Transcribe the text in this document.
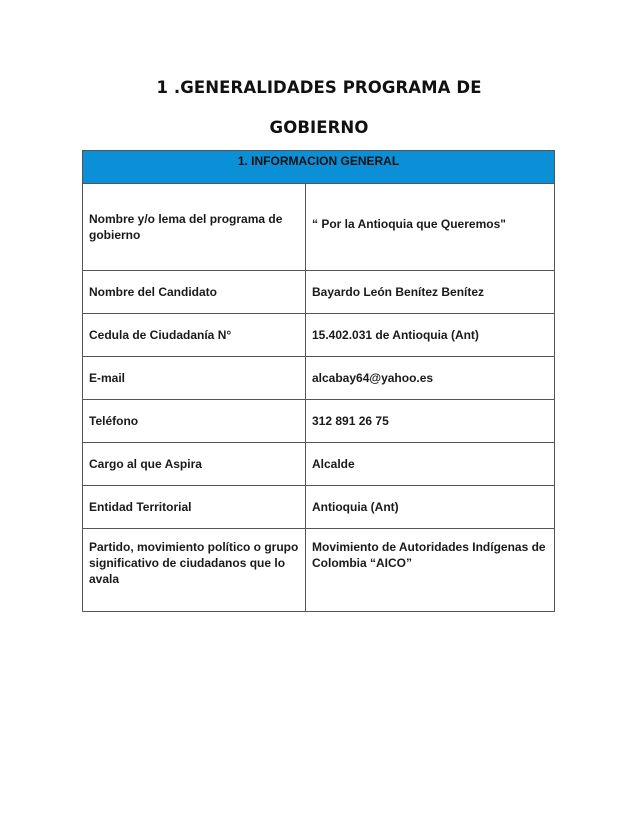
1 .GENERALIDADES PROGRAMA DE
GOBIERNO
1. INFORMACION GENERAL	
Nombre y/o lema del programa de gobierno	“ Por la Antioquia que Queremos"
Nombre del Candidato	Bayardo León Benítez Benítez
Cedula de Ciudadanía N°	15.402.031 de Antioquia (Ant)
E-mail	alcabay64@yahoo.es
Teléfono	312 891 26 75
Cargo al que Aspira	Alcalde
Entidad Territorial	Antioquia (Ant)
Partido, movimiento político o grupo significativo de ciudadanos que lo avala	Movimiento de Autoridades Indígenas de Colombia “AICO”
